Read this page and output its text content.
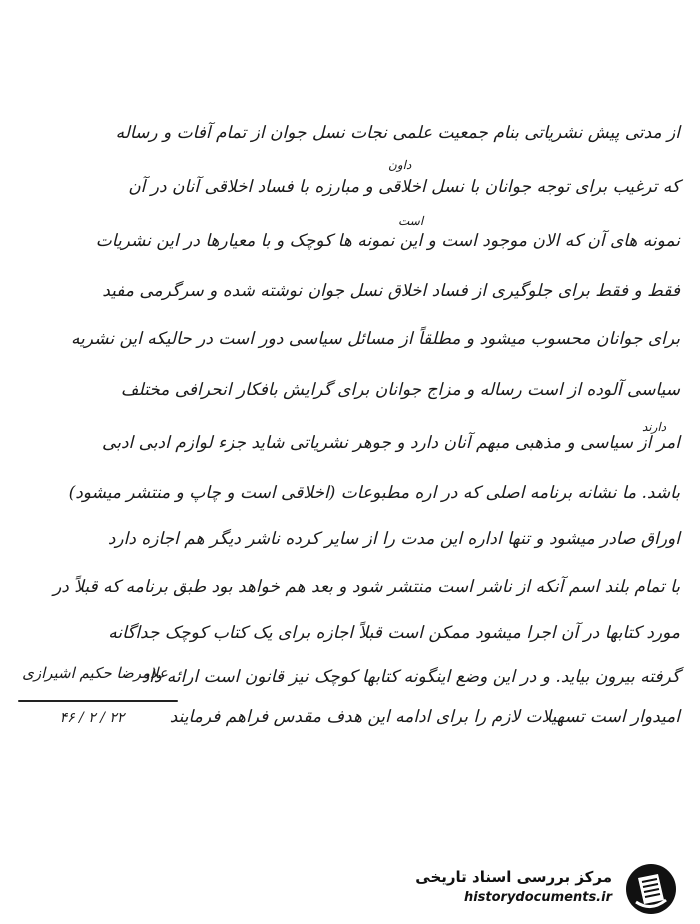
از مدتی پیش نشریاتی بنام جمعیت علمی نجات نسل جوان از تمام آفات و رساله
که ترغیب برای توجه جوانان با نسل اخلاقی و مبارزه با فساد اخلاقی آنان در آن
نمونه های آن که الان موجود است و این نمونه ها کوچک و با معیارها در این نشریات
فقط و فقط برای جلوگیری از فساد اخلاق نسل جوان نوشته شده و سرگرمی مفید
برای جوانان محسوب میشود و مطلقاً از مسائل سیاسی دور است در حالیکه این نشریه
سیاسی آلوده از است رساله و مزاج جوانان برای گرایش بافکار انحرافی مختلف
امر از سیاسی و مذهبی مبهم آنان دارد و جوهر نشریاتی شاید جزء لوازم ادبی ادبی
باشد. ما نشانه برنامه اصلی که در اره مطبوعات (اخلاقی است و چاپ و منتشر میشود)
اوراق صادر میشود و تنها اداره این مدت را از سایر کرده ناشر دیگر هم اجازه دارد
با تمام بلند اسم آنکه از ناشر است منتشر شود و بعد هم خواهد بود طبق برنامه که قبلاً در
مورد کتابها در آن اجرا میشود ممکن است قبلاً اجازه برای یک کتاب کوچک جداگانه
گرفته بیرون بیاید. و در این وضع اینگونه کتابها کوچک نیز قانون است ارائه داد
امیدوار است تسهیلات لازم را برای ادامه این هدف مقدس فراهم فرمایند
داون
دارند
است
علامرضا حکیم اشیرازی
۲۲ / ۲ / ۴۶
مرکز بررسی اسناد تاریخی
historydocuments.ir
